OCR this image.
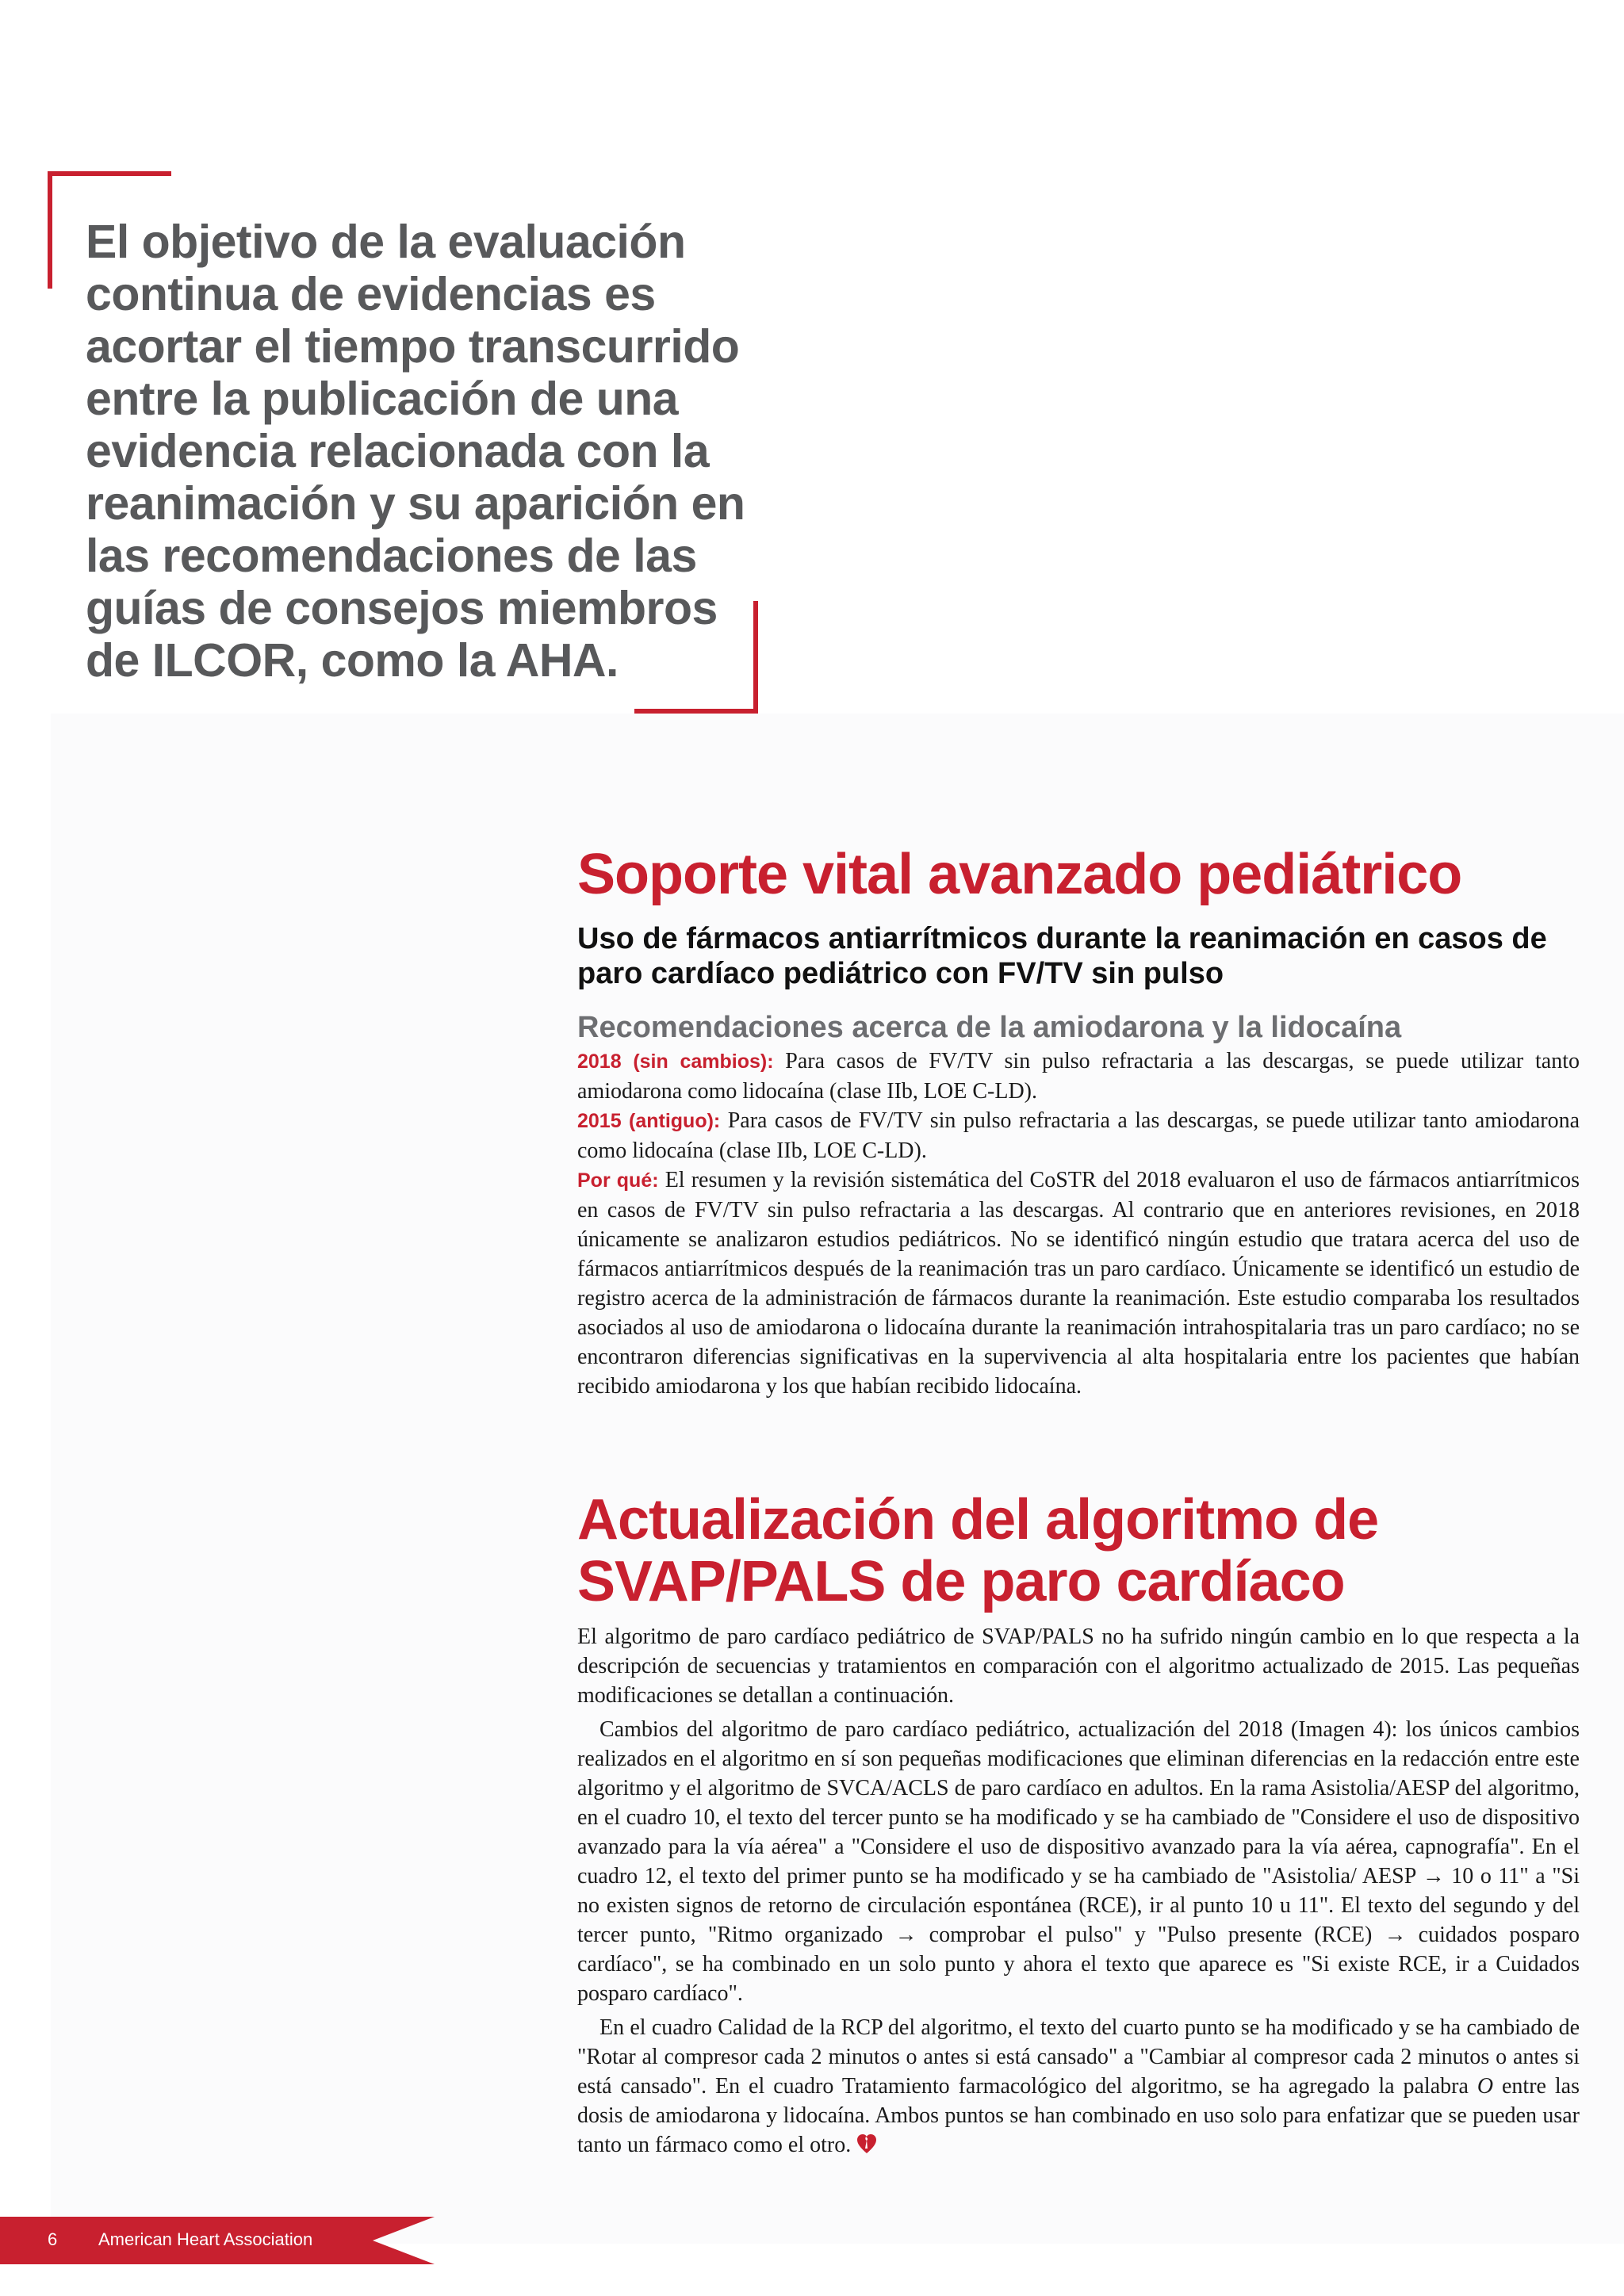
El objetivo de la evaluación continua de evidencias es acortar el tiempo transcurrido entre la publicación de una evidencia relacionada con la reanimación y su aparición en las recomendaciones de las guías de consejos miembros de ILCOR, como la AHA.

Soporte vital avanzado pediátrico
Uso de fármacos antiarrítmicos durante la reanimación en casos de paro cardíaco pediátrico con FV/TV sin pulso
Recomendaciones acerca de la amiodarona y la lidocaína

2018 (sin cambios): Para casos de FV/TV sin pulso refractaria a las descargas, se puede utilizar tanto amiodarona como lidocaína (clase IIb, LOE C-LD).

2015 (antiguo): Para casos de FV/TV sin pulso refractaria a las descargas, se puede utilizar tanto amiodarona como lidocaína (clase IIb, LOE C-LD).

Por qué: El resumen y la revisión sistemática del CoSTR del 2018 evaluaron el uso de fármacos antiarrítmicos en casos de FV/TV sin pulso refractaria a las descargas. Al contrario que en anteriores revisiones, en 2018 únicamente se analizaron estudios pediátricos. No se identificó ningún estudio que tratara acerca del uso de fármacos antiarrítmicos después de la reanimación tras un paro cardíaco. Únicamente se identificó un estudio de registro acerca de la administración de fármacos durante la reanimación. Este estudio comparaba los resultados asociados al uso de amiodarona o lidocaína durante la reanimación intrahospitalaria tras un paro cardíaco; no se encontraron diferencias significativas en la supervivencia al alta hospitalaria entre los pacientes que habían recibido amiodarona y los que habían recibido lidocaína.

Actualización del algoritmo de SVAP/PALS de paro cardíaco

El algoritmo de paro cardíaco pediátrico de SVAP/PALS no ha sufrido ningún cambio en lo que respecta a la descripción de secuencias y tratamientos en comparación con el algoritmo actualizado de 2015. Las pequeñas modificaciones se detallan a continuación.

Cambios del algoritmo de paro cardíaco pediátrico, actualización del 2018 (Imagen 4): los únicos cambios realizados en el algoritmo en sí son pequeñas modificaciones que eliminan diferencias en la redacción entre este algoritmo y el algoritmo de SVCA/ACLS de paro cardíaco en adultos. En la rama Asistolia/AESP del algoritmo, en el cuadro 10, el texto del tercer punto se ha modificado y se ha cambiado de "Considere el uso de dispositivo avanzado para la vía aérea" a "Considere el uso de dispositivo avanzado para la vía aérea, capnografía". En el cuadro 12, el texto del primer punto se ha modificado y se ha cambiado de "Asistolia/ AESP → 10 o 11" a "Si no existen signos de retorno de circulación espontánea (RCE), ir al punto 10 u 11". El texto del segundo y del tercer punto, "Ritmo organizado → comprobar el pulso" y "Pulso presente (RCE) → cuidados posparo cardíaco", se ha combinado en un solo punto y ahora el texto que aparece es "Si existe RCE, ir a Cuidados posparo cardíaco".

En el cuadro Calidad de la RCP del algoritmo, el texto del cuarto punto se ha modificado y se ha cambiado de "Rotar al compresor cada 2 minutos o antes si está cansado" a "Cambiar al compresor cada 2 minutos o antes si está cansado". En el cuadro Tratamiento farmacológico del algoritmo, se ha agregado la palabra O entre las dosis de amiodarona y lidocaína. Ambos puntos se han combinado en uso solo para enfatizar que se pueden usar tanto un fármaco como el otro.

6 American Heart Association
